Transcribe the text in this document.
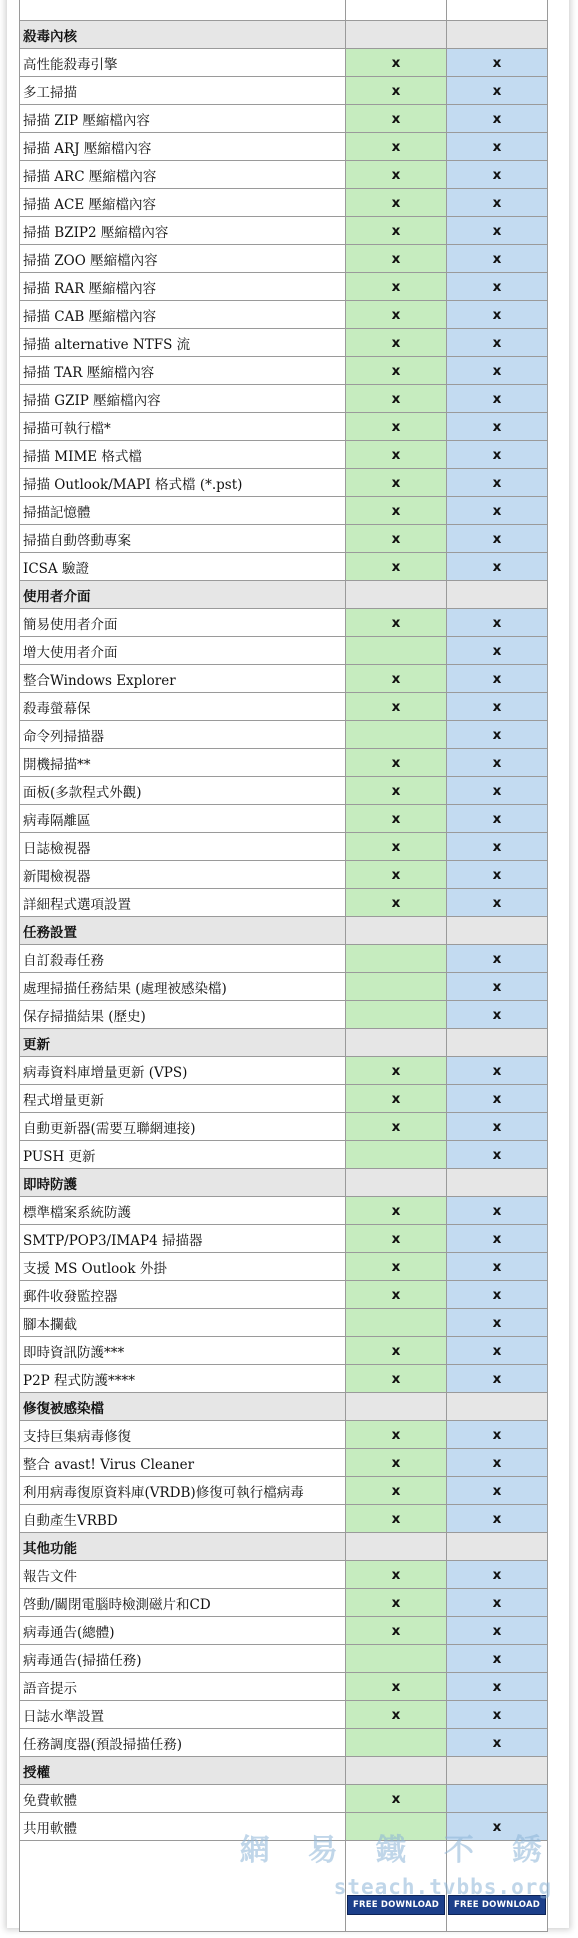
殺毒內核		
高性能殺毒引擎	x	x
多工掃描	x	x
掃描 ZIP 壓縮檔內容	x	x
掃描 ARJ 壓縮檔內容	x	x
掃描 ARC 壓縮檔內容	x	x
掃描 ACE 壓縮檔內容	x	x
掃描 BZIP2 壓縮檔內容	x	x
掃描 ZOO 壓縮檔內容	x	x
掃描 RAR 壓縮檔內容	x	x
掃描 CAB 壓縮檔內容	x	x
掃描 alternative NTFS 流	x	x
掃描 TAR 壓縮檔內容	x	x
掃描 GZIP 壓縮檔內容	x	x
掃描可執行檔*	x	x
掃描 MIME 格式檔	x	x
掃描 Outlook/MAPI 格式檔 (*.pst)	x	x
掃描記憶體	x	x
掃描自動啓動專案	x	x
ICSA 驗證	x	x
使用者介面		
簡易使用者介面	x	x
增大使用者介面		x
整合Windows Explorer	x	x
殺毒螢幕保	x	x
命令列掃描器		x
開機掃描**	x	x
面板(多款程式外觀)	x	x
病毒隔離區	x	x
日誌檢視器	x	x
新聞檢視器	x	x
詳細程式選項設置	x	x
任務設置		
自訂殺毒任務		x
處理掃描任務結果 (處理被感染檔)		x
保存掃描結果 (歷史)		x
更新		
病毒資料庫增量更新 (VPS)	x	x
程式增量更新	x	x
自動更新器(需要互聯網連接)	x	x
PUSH 更新		x
即時防護		
標準檔案系統防護	x	x
SMTP/POP3/IMAP4 掃描器	x	x
支援 MS Outlook 外掛	x	x
郵件收發監控器	x	x
腳本攔截		x
即時資訊防護***	x	x
P2P 程式防護****	x	x
修復被感染檔		
支持巨集病毒修復	x	x
整合 avast! Virus Cleaner	x	x
利用病毒復原資料庫(VRDB)修復可執行檔病毒	x	x
自動產生VRBD	x	x
其他功能		
報告文件	x	x
啓動/關閉電腦時檢測磁片和CD	x	x
病毒通告(總體)	x	x
病毒通告(掃描任務)		x
語音提示	x	x
日誌水準設置	x	x
任務調度器(預設掃描任務)		x
授權		
免費軟體	x	
共用軟體		x
	FREE DOWNLOAD	FREE DOWNLOAD
網 易 鐵 不 銹
steach.tvbbs.org
